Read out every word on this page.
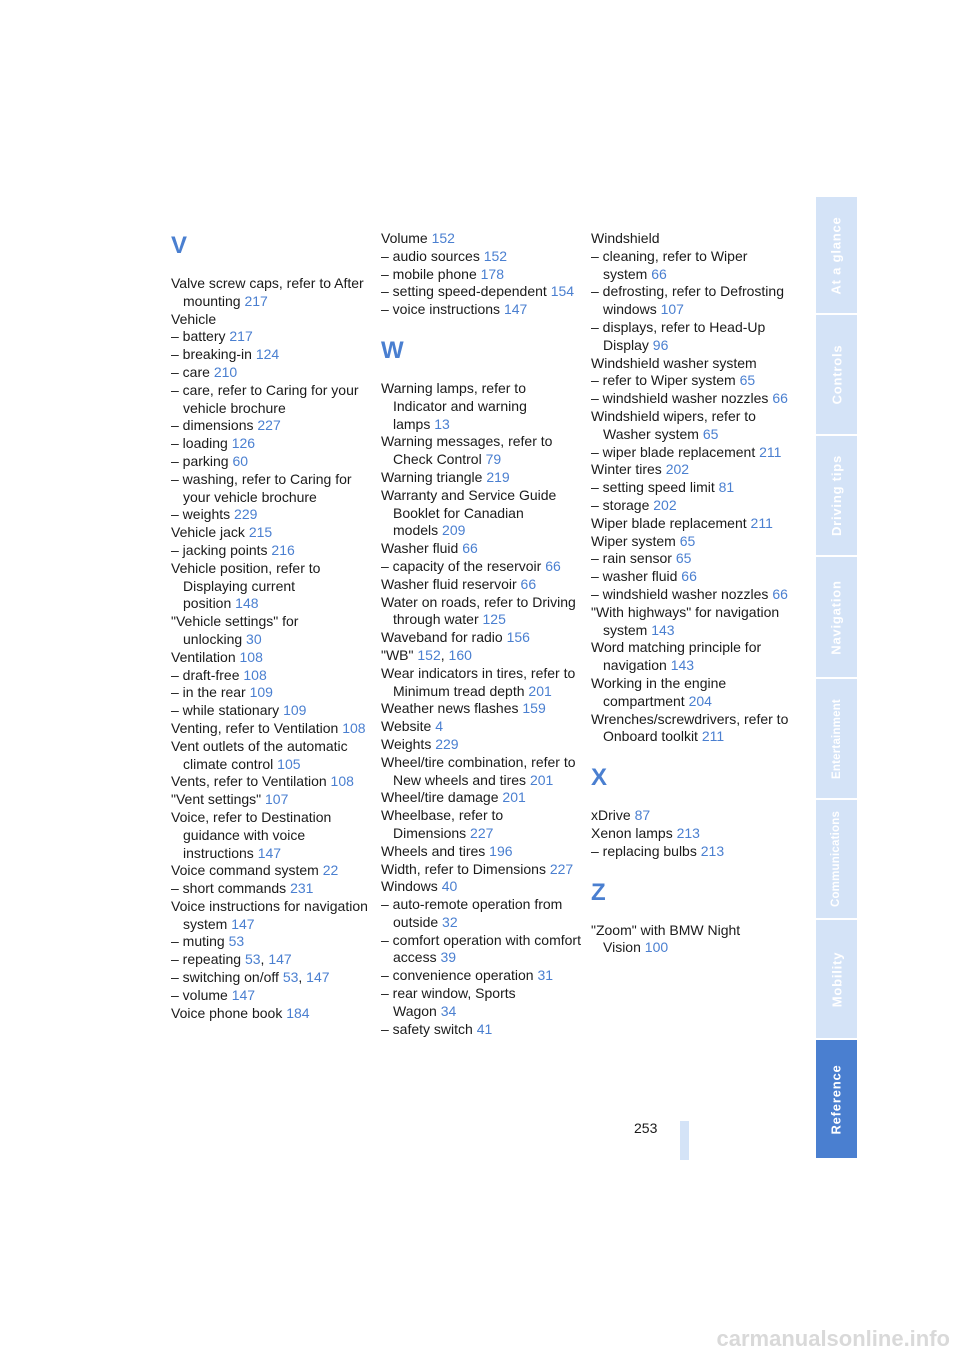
V
Valve screw caps, refer to After mounting 217
Vehicle
– battery 217
– breaking-in 124
– care 210
– care, refer to Caring for your vehicle brochure
– dimensions 227
– loading 126
– parking 60
– washing, refer to Caring for your vehicle brochure
– weights 229
Vehicle jack 215
– jacking points 216
Vehicle position, refer to Displaying current position 148
"Vehicle settings" for unlocking 30
Ventilation 108
– draft-free 108
– in the rear 109
– while stationary 109
Venting, refer to Ventilation 108
Vent outlets of the automatic climate control 105
Vents, refer to Ventilation 108
"Vent settings" 107
Voice, refer to Destination guidance with voice instructions 147
Voice command system 22
– short commands 231
Voice instructions for navigation system 147
– muting 53
– repeating 53, 147
– switching on/off 53, 147
– volume 147
Voice phone book 184
Volume 152
– audio sources 152
– mobile phone 178
– setting speed-dependent 154
– voice instructions 147
W
Warning lamps, refer to Indicator and warning lamps 13
Warning messages, refer to Check Control 79
Warning triangle 219
Warranty and Service Guide Booklet for Canadian models 209
Washer fluid 66
– capacity of the reservoir 66
Washer fluid reservoir 66
Water on roads, refer to Driving through water 125
Waveband for radio 156
"WB" 152, 160
Wear indicators in tires, refer to Minimum tread depth 201
Weather news flashes 159
Website 4
Weights 229
Wheel/tire combination, refer to New wheels and tires 201
Wheel/tire damage 201
Wheelbase, refer to Dimensions 227
Wheels and tires 196
Width, refer to Dimensions 227
Windows 40
– auto-remote operation from outside 32
– comfort operation with comfort access 39
– convenience operation 31
– rear window, Sports Wagon 34
– safety switch 41
Windshield
– cleaning, refer to Wiper system 66
– defrosting, refer to Defrosting windows 107
– displays, refer to Head-Up Display 96
Windshield washer system
– refer to Wiper system 65
– windshield washer nozzles 66
Windshield wipers, refer to Washer system 65
– wiper blade replacement 211
Winter tires 202
– setting speed limit 81
– storage 202
Wiper blade replacement 211
Wiper system 65
– rain sensor 65
– washer fluid 66
– windshield washer nozzles 66
"With highways" for navigation system 143
Word matching principle for navigation 143
Working in the engine compartment 204
Wrenches/screwdrivers, refer to Onboard toolkit 211
X
xDrive 87
Xenon lamps 213
– replacing bulbs 213
Z
"Zoom" with BMW Night Vision 100
At a glance
Controls
Driving tips
Navigation
Entertainment
Communications
Mobility
Reference
253
carmanualsonline.info
